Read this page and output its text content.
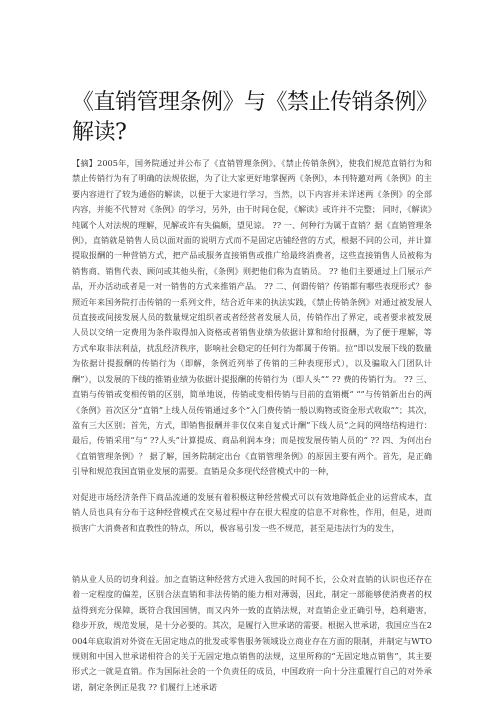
《直销管理条例》与《禁止传销条例》解读?

【摘】2005年，国务院通过并公布了《直销管理条例》、《禁止传销条例》，使我们规范直销行为和禁止传销行为有了明确的法规依据，为了让大家更好地掌握两《条例》，本刊特邀对两《条例》的主要内容进行了较为通俗的解读，以便于大家进行学习，当然，以下内容并未详述两《条例》的全部内容，并能不代替对《条例》的学习，另外，由于时间仓促，《解读》或许并不完整； 同时，《解读》纯属个人对法规的理解，见解或许有失偏颇，望见谅。 ?? 一、何种行为属于直销？据《直销管理条例》，直销就是销售人员以面对面的说明方式而不是固定店铺经营的方式，根据不同的公司，并计算提取报酬的一种营销方式，把产品或服务直接销售或推广给最终消费者，这些直接销售人员被称为销售商、销售代表、顾问或其他头衔，《条例》则把他们称为直销员。 ?? 他们主要通过上门展示产品，开办活动或者是一对一销售的方式来推销产品。 ?? 二、何谓传销？传销都有哪些表现形式？参照近年来国务院打击传销的一系列文件，结合近年来的执法实践，《禁止传销条例》对通过被发展人员直接或间接发展人员的数量规定组织者或者经营者发展人员，传销作出了界定，或者要求被发展人员以交纳一定费用为条件取得加入资格或者销售业绩为依据计算和给付报酬，为了便于理解，等方式牟取非法利益，扰乱经济秩序，影响社会稳定的任何行为都属于传销。拉“即以发展下线的数量为依据计提报酬的传销行为（即解，条例近列举了传销的三种表现形式），以及骗取入门团队计酬”），以发展的下线的推销业绩为依据计提报酬的传销行为（即人头“” ?? 费的传销行为。 ?? 三、直销与传销或变相传销的区别，简单地说，传销或变相传销与目前的直销概“ “”与传销新出台的两《条例》首次区分“直销”上线人员传销通过多个“入门费传销一般以购物或资金形式收取“”；其次，盈有三大区别；首先，方式，即销售报酬并非仅仅来自复式计酬”下线人员”之间的网络结构进行：最后，传销采用“与“ ??人头”计算提成、商品利润本身；而是按发展传销人员的“ ?? 四、为何出台《直销管理条例》？ 据了解，国务院制定出台《直销管理条例》的原因主要有两个。首先，是正确引导和规范我国直销业发展的需要。直销是众多现代经营模式中的一种，

对促进市场经济条件下商品流通的发展有着积极这种经营模式可以有效地降低企业的运营成本，直销人员也具有分布于这种经营模式在交易过程中存在很大程度的信息不对称性，作用，但是，进而损害广大消费者和直教性的特点，所以，极容易引发一些不规范，甚至是违法行为的发生，

销从业人员的切身利益。加之直销这种经营方式进入我国的时间不长，公众对直销的认识也还存在着一定程度的偏差，区别合法直销和非法传销的能力相对薄弱，因此，制定一部能够使消费者的权益得到充分保障，既符合我国国情，而又内外一致的直销法规，对直销企业正确引导，趋利避害，稳步开放，规范发展，是十分必要的。其次，是履行入世承诺的需要。根据入世承诺，我国应当在2004年底取消对外资在无固定地点的批发或零售服务领域设立商业存在方面的限制，并制定与WTO规则和中国入世承诺相符合的关于无固定地点销售的法规，这里所称的“无固定地点销售”，其主要形式之一就是直销。作为国际社会的一个负责任的成员，中国政府一向十分注重履行自己的对外承诺，制定条例正是我 ?? 们履行上述承诺
